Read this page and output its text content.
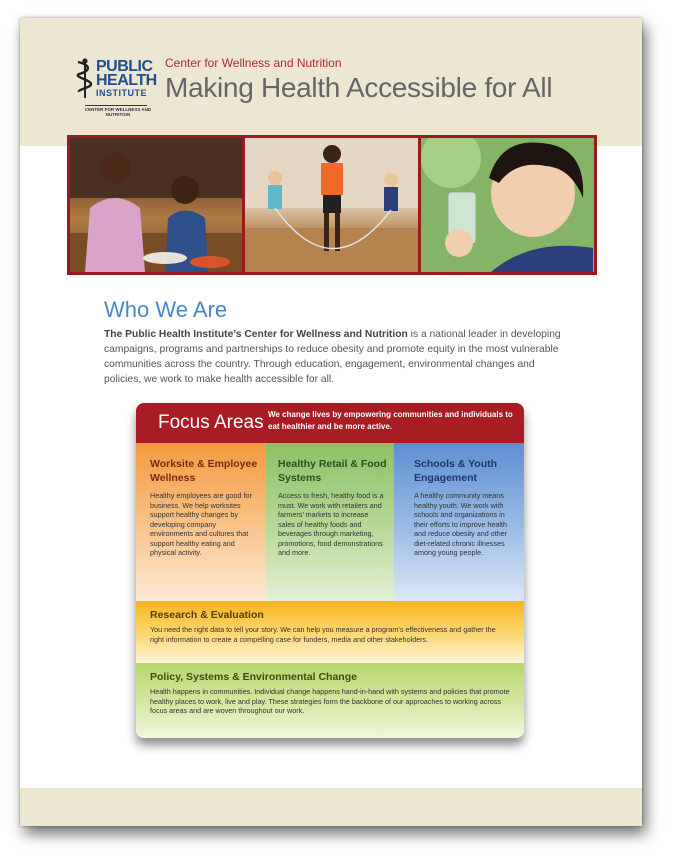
PUBLIC
HEALTH
INSTITUTE
CENTER FOR WELLNESS AND NUTRITION
Center for Wellness and Nutrition
Making Health Accessible for All
Who We Are

The Public Health Institute’s Center for Wellness and Nutrition is a national leader in developing campaigns, programs and partnerships to reduce obesity and promote equity in the most vulnerable communities across the country. Through education, engagement, environmental changes and policies, we work to make health accessible for all.

Focus Areas We change lives by empowering communities and individuals to eat healthier and be more active.
Worksite & Employee Wellness
Healthy employees are good for business. We help worksites support healthy changes by developing company environments and cultures that support healthy eating and physical activity.
Healthy Retail & Food Systems
Access to fresh, healthy food is a must. We work with retailers and farmers’ markets to increase sales of healthy foods and beverages through marketing, promotions, food demonstrations and more.
Schools & Youth Engagement
A healthy community means healthy youth. We work with schools and organizations in their efforts to improve health and reduce obesity and other diet-related chronic illnesses among young people.
Research & Evaluation
You need the right data to tell your story. We can help you measure a program’s effectiveness and gather the right information to create a compelling case for funders, media and other stakeholders.
Policy, Systems & Environmental Change
Health happens in communities. Individual change happens hand-in-hand with systems and policies that promote healthy places to work, live and play. These strategies form the backbone of our approaches to working across focus areas and are woven throughout our work.
